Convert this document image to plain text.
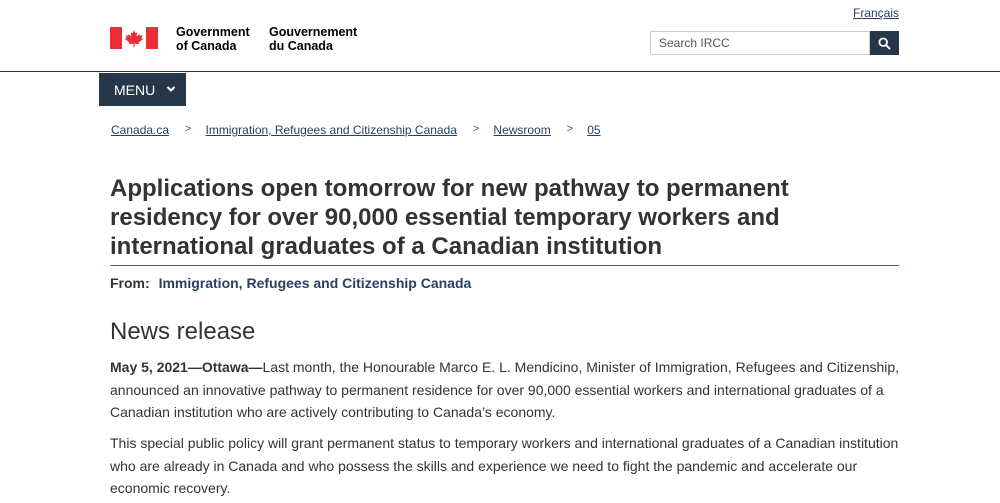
Government
of Canada
Gouvernement
du Canada
Français
Search IRCC
MENU
Canada.ca > Immigration, Refugees and Citizenship Canada > Newsroom > 05
Applications open tomorrow for new pathway to permanent residency for over 90,000 essential temporary workers and international graduates of a Canadian institution
From: Immigration, Refugees and Citizenship Canada
News release

May 5, 2021—Ottawa—Last month, the Honourable Marco E. L. Mendicino, Minister of Immigration, Refugees and Citizenship, announced an innovative pathway to permanent residence for over 90,000 essential workers and international graduates of a Canadian institution who are actively contributing to Canada’s economy.

This special public policy will grant permanent status to temporary workers and international graduates of a Canadian institution who are already in Canada and who possess the skills and experience we need to fight the pandemic and accelerate our economic recovery.
